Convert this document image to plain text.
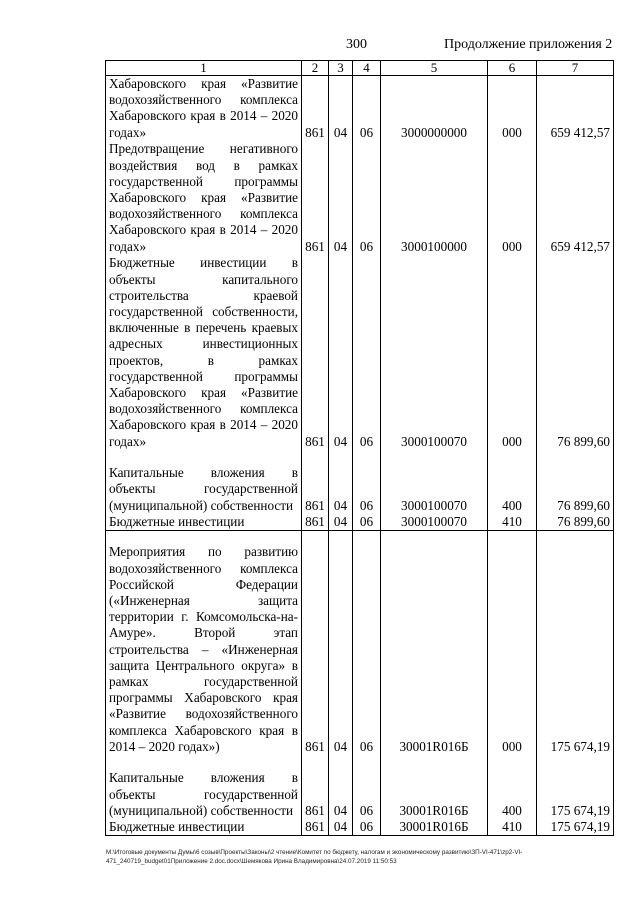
300	Продолжение приложения 2
1	2	3	4	5	6	7
Хабаровского края «Развитие водохозяйственного комплекса Хабаровского края в 2014 – 2020 годах»	861	04	06	3000000000	000	659 412,57
Предотвращение негативного воздействия вод в рамках государственной программы Хабаровского края «Развитие водохозяйственного комплекса Хабаровского края в 2014 – 2020 годах»	861	04	06	3000100000	000	659 412,57
Бюджетные инвестиции в объекты капитального строительства краевой государственной собственности, включенные в перечень краевых адресных инвестиционных проектов, в рамках государственной программы Хабаровского края «Развитие водохозяйственного комплекса Хабаровского края в 2014 – 2020 годах»	861	04	06	3000100070	000	76 899,60
Капитальные вложения в объекты государственной (муниципальной) собственности	861	04	06	3000100070	400	76 899,60
Бюджетные инвестиции	861	04	06	3000100070	410	76 899,60
Мероприятия по развитию водохозяйственного комплекса Российской Федерации («Инженерная защита территории г. Комсомольска-на-Амуре». Второй этап строительства – «Инженерная защита Центрального округа» в рамках государственной программы Хабаровского края «Развитие водохозяйственного комплекса Хабаровского края в 2014 – 2020 годах»)	861	04	06	30001R016Б	000	175 674,19
Капитальные вложения в объекты государственной (муниципальной) собственности	861	04	06	30001R016Б	400	175 674,19
Бюджетные инвестиции	861	04	06	30001R016Б	410	175 674,19
M:\Итоговые документы Думы\6 созыв\Проекты\Законы\2 чтение\Комитет по бюджету, налогам и экономическому развитию\ЗП-VI-471\zp2-VI-471_240719_budget01Приложение 2.doc.docx\Шемякова Ирина Владимировна\24.07.2019 11:50:53
